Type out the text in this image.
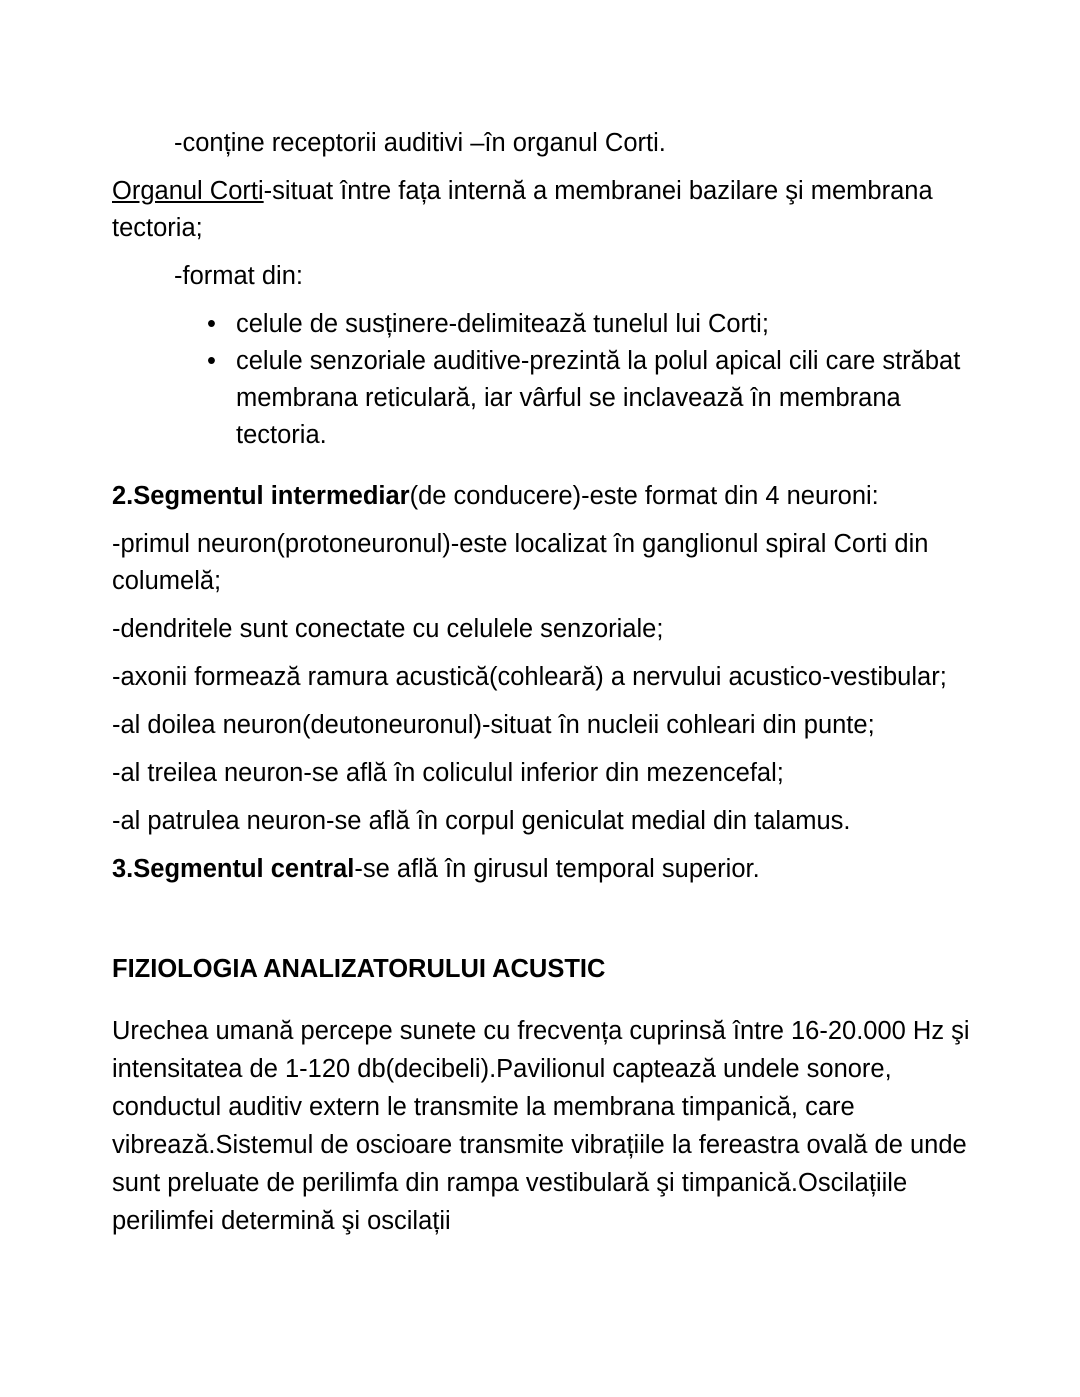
-conține receptorii auditivi –în organul Corti.

Organul Corti-situat între fața internă a membranei bazilare şi membrana tectoria;

-format din:

• celule de susținere-delimitează tunelul lui Corti;
• celule senzoriale auditive-prezintă la polul apical cili care străbat membrana reticulară, iar vârful se inclavează în membrana tectoria.

2.Segmentul intermediar(de conducere)-este format din 4 neuroni:

-primul neuron(protoneuronul)-este localizat în ganglionul spiral Corti din columelă;

-dendritele sunt conectate cu celulele senzoriale;

-axonii formează ramura acustică(cohleară) a nervului acustico-vestibular;

-al doilea neuron(deutoneuronul)-situat în nucleii cohleari din punte;

-al treilea neuron-se află în coliculul inferior din mezencefal;

-al patrulea neuron-se află în corpul geniculat medial din talamus.

3.Segmentul central-se află în girusul temporal superior.

FIZIOLOGIA ANALIZATORULUI ACUSTIC

Urechea umană percepe sunete cu frecvența cuprinsă între 16-20.000 Hz şi intensitatea de 1-120 db(decibeli).Pavilionul captează undele sonore, conductul auditiv extern le transmite la membrana timpanică, care vibrează.Sistemul de oscioare transmite vibrațiile la fereastra ovală de unde sunt preluate de perilimfa din rampa vestibulară şi timpanică.Oscilațiile perilimfei determină şi oscilații
